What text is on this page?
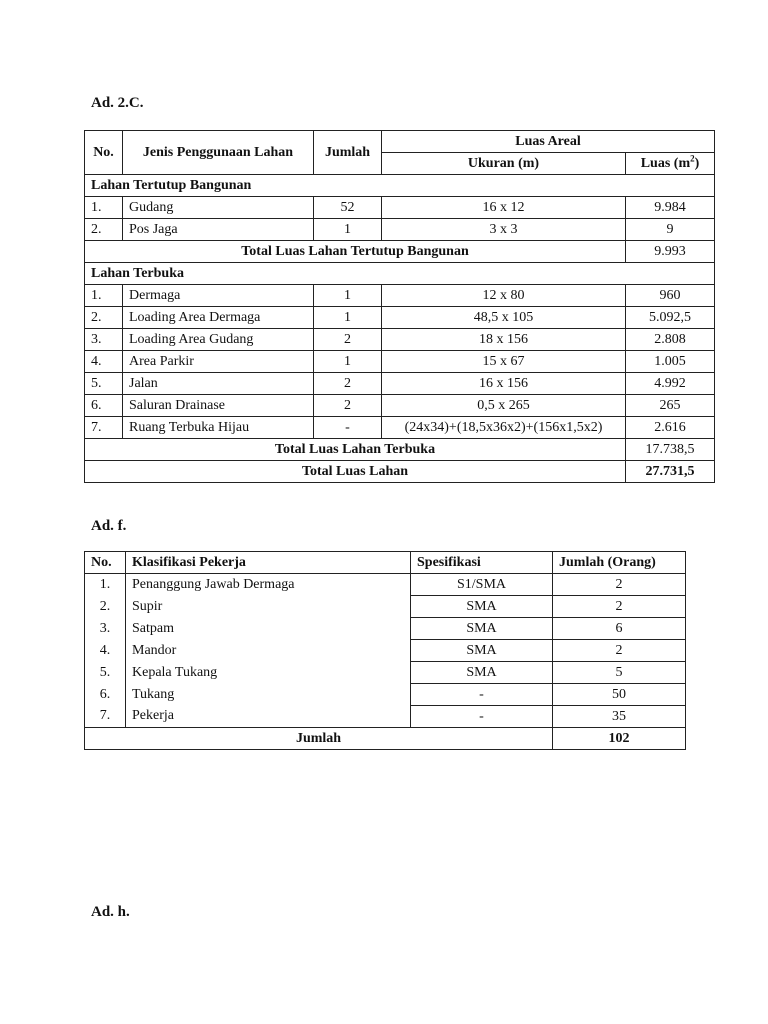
Ad. 2.C.
No.	Jenis Penggunaan Lahan	Jumlah	Luas Areal	
			Ukuran (m)	Luas $(m^2)$
Lahan Tertutup Bangunan				
1.	Gudang	52	16 x 12	9.984
2.	Pos Jaga	1	3 x 3	9
Total Luas Lahan Tertutup Bangunan				9.993
Lahan Terbuka				
1.	Dermaga	1	12 x 80	960
2.	Loading Area Dermaga	1	48,5 x 105	5.092,5
3.	Loading Area Gudang	2	18 x 156	2.808
4.	Area Parkir	1	15 x 67	1.005
5.	Jalan	2	16 x 156	4.992
6.	Saluran Drainase	2	0,5 x 265	265
7.	Ruang Terbuka Hijau	-	(24x34)+(18,5x36x2)+(156x1,5x2)	2.616
Total Luas Lahan Terbuka				17.738,5
Total Luas Lahan				27.731,5
Ad. f.
No.	Klasifikasi Pekerja	Spesifikasi	Jumlah (Orang)
1.	Penanggung Jawab Dermaga	S1/SMA	2
2.	Supir	SMA	2
3.	Satpam	SMA	6
4.	Mandor	SMA	2
5.	Kepala Tukang	SMA	5
6.	Tukang	-	50
7.	Pekerja	-	35
Jumlah			102
Ad. h.
